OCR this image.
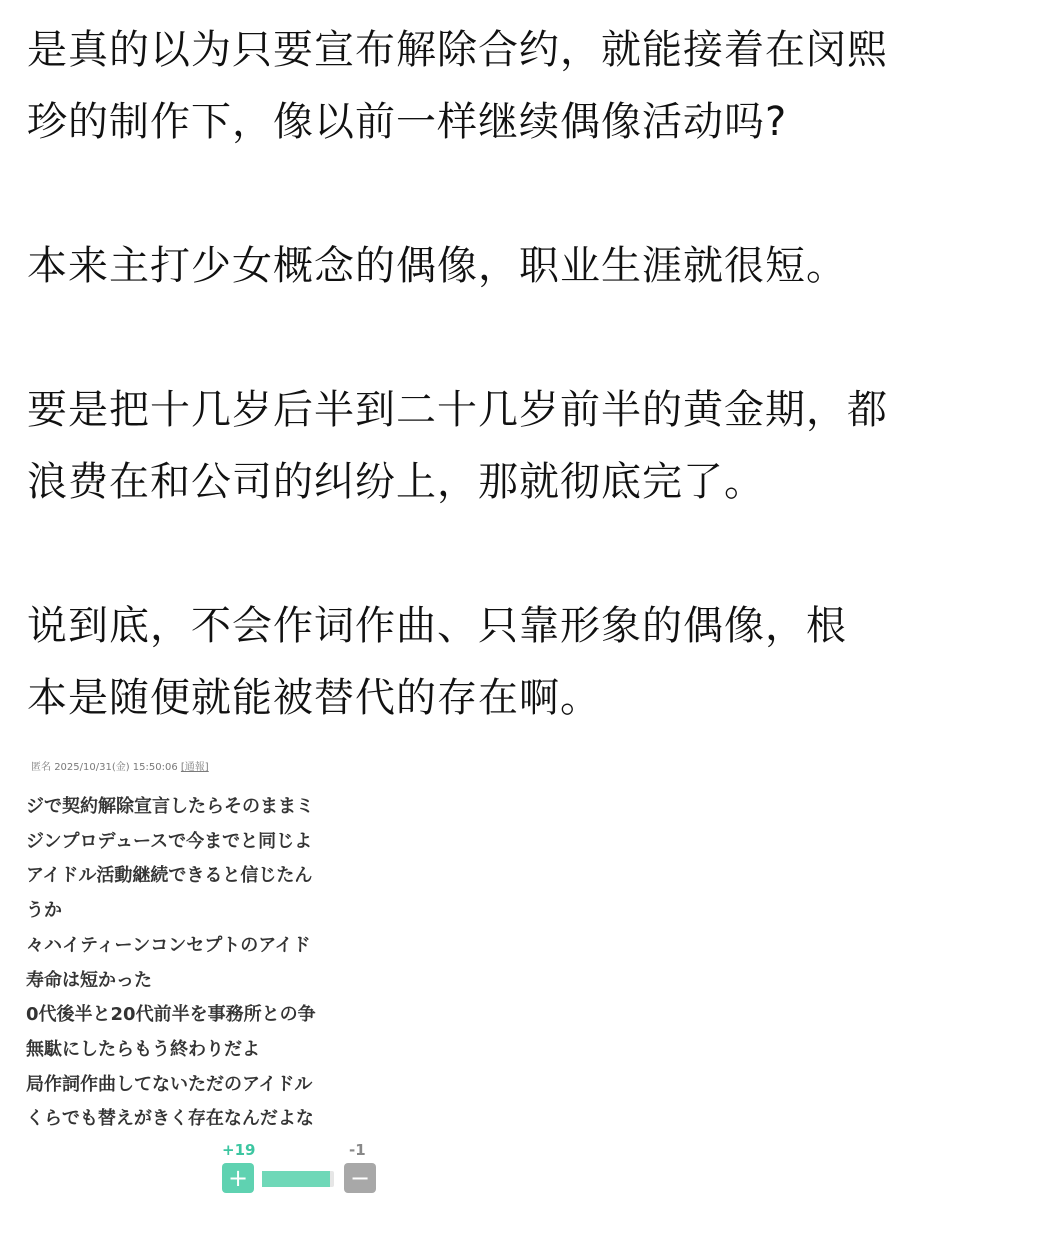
是真的以为只要宣布解除合约，就能接着在闵熙
珍的制作下，像以前一样继续偶像活动吗?

本来主打少女概念的偶像，职业生涯就很短。

要是把十几岁后半到二十几岁前半的黄金期，都
浪费在和公司的纠纷上，那就彻底完了。

说到底，不会作词作曲、只靠形象的偶像，根
本是随便就能被替代的存在啊。

匿名 2025/10/31(金) 15:50:06 [通報]
ジで契約解除宣言したらそのままミ
ジンプロデュースで今までと同じよ
アイドル活動継続できると信じたん
うか
々ハイティーンコンセプトのアイド
寿命は短かった
0代後半と20代前半を事務所との争
無駄にしたらもう終わりだよ
局作詞作曲してないただのアイドル
くらでも替えがきく存在なんだよな
+19	-1
+	−
